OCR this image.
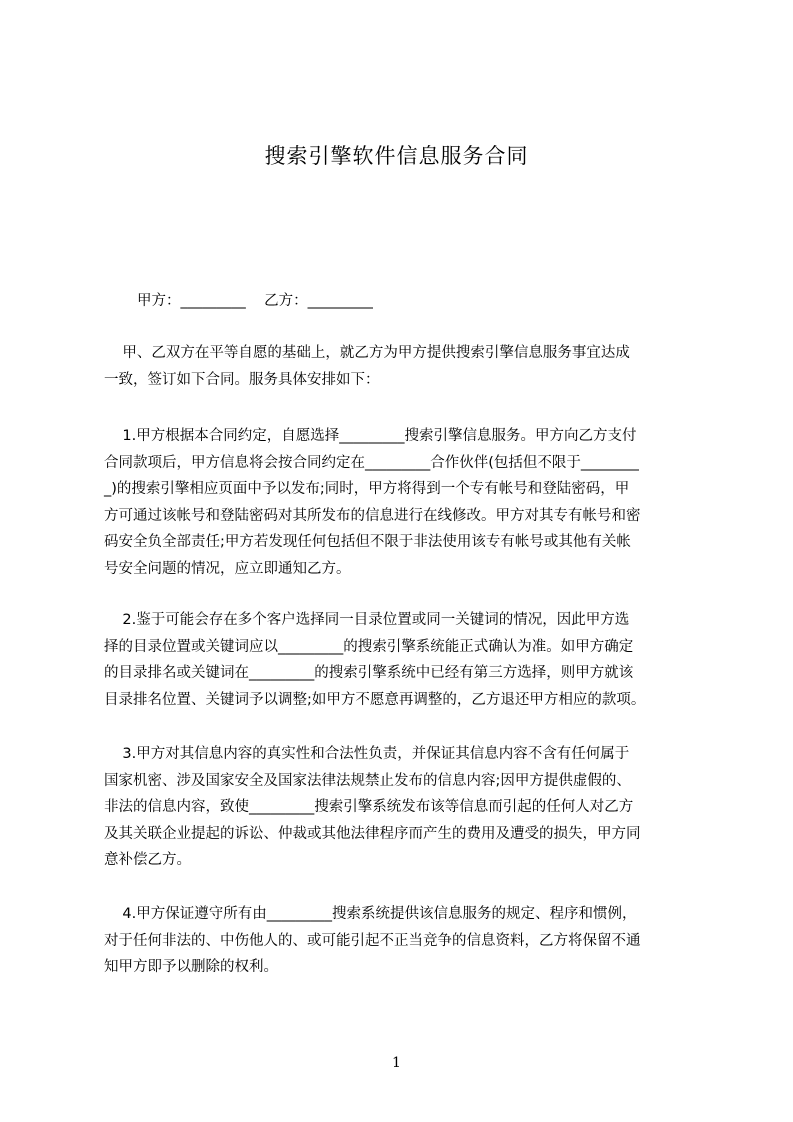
搜索引擎软件信息服务合同
甲方：_________    乙方：_________
甲、乙双方在平等自愿的基础上，就乙方为甲方提供搜索引擎信息服务事宜达成
一致，签订如下合同。服务具体安排如下：
1.甲方根据本合同约定，自愿选择_________搜索引擎信息服务。甲方向乙方支付
合同款项后，甲方信息将会按合同约定在_________合作伙伴(包括但不限于________
_)的搜索引擎相应页面中予以发布;同时，甲方将得到一个专有帐号和登陆密码，甲
方可通过该帐号和登陆密码对其所发布的信息进行在线修改。甲方对其专有帐号和密
码安全负全部责任;甲方若发现任何包括但不限于非法使用该专有帐号或其他有关帐
号安全问题的情况，应立即通知乙方。
2.鉴于可能会存在多个客户选择同一目录位置或同一关键词的情况，因此甲方选
择的目录位置或关键词应以_________的搜索引擎系统能正式确认为准。如甲方确定
的目录排名或关键词在_________的搜索引擎系统中已经有第三方选择，则甲方就该
目录排名位置、关键词予以调整;如甲方不愿意再调整的，乙方退还甲方相应的款项。
3.甲方对其信息内容的真实性和合法性负责，并保证其信息内容不含有任何属于
国家机密、涉及国家安全及国家法律法规禁止发布的信息内容;因甲方提供虚假的、
非法的信息内容，致使_________搜索引擎系统发布该等信息而引起的任何人对乙方
及其关联企业提起的诉讼、仲裁或其他法律程序而产生的费用及遭受的损失，甲方同
意补偿乙方。
4.甲方保证遵守所有由_________搜索系统提供该信息服务的规定、程序和惯例，
对于任何非法的、中伤他人的、或可能引起不正当竞争的信息资料，乙方将保留不通
知甲方即予以删除的权利。
1
